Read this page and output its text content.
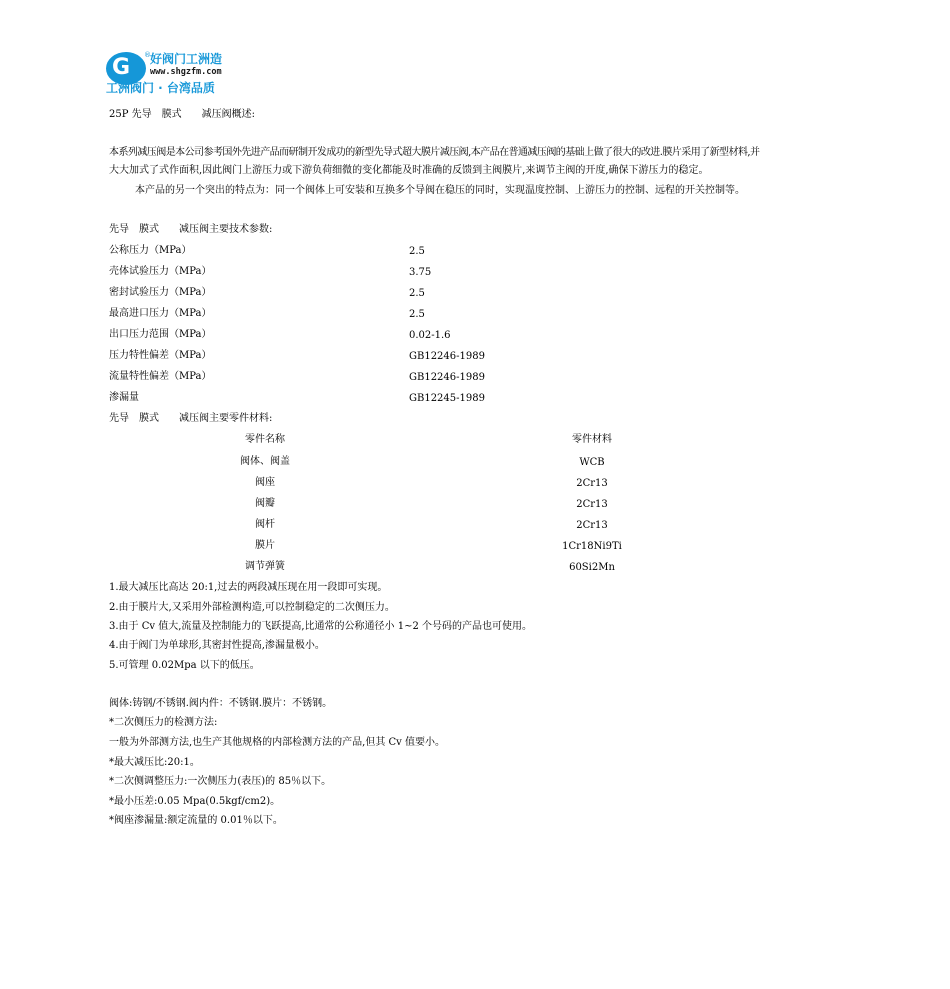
G ® 好阀门工洲造
www.shgzfm.com
工洲阀门 · 台湾品质
25P 先导　膜式　　减压阀概述:
本系列减压阀是本公司参考国外先进产品而研制开发成功的新型先导式超大膜片减压阀,本产品在普通减压阀的基础上做了很大的改进.膜片采用了新型材料,并
大大加式了式作面积,因此阀门上游压力或下游负荷细微的变化都能及时准确的反馈到主阀膜片,来调节主阀的开度,确保下游压力的稳定。
本产品的另一个突出的特点为：同一个阀体上可安装和互换多个导阀在稳压的同时，实现温度控制、上游压力的控制、远程的开关控制等。
先导　膜式　　减压阀主要技术参数:
公称压力（MPa）	2.5
壳体试验压力（MPa）	3.75
密封试验压力（MPa）	2.5
最高进口压力（MPa）	2.5
出口压力范围（MPa）	0.02-1.6
压力特性偏差（MPa）	GB12246-1989
流量特性偏差（MPa）	GB12246-1989
渗漏量	GB12245-1989
先导　膜式　　减压阀主要零件材料:
零件名称	零件材料
阀体、阀盖	WCB
阀座	2Cr13
阀瓣	2Cr13
阀杆	2Cr13
膜片	1Cr18Ni9Ti
调节弹簧	60Si2Mn
1.最大减压比高达 20:1,过去的两段减压现在用一段即可实现。
2.由于膜片大,又采用外部检测构造,可以控制稳定的二次侧压力。
3.由于 Cv 值大,流量及控制能力的飞跃提高,比通常的公称通径小 1~2 个号码的产品也可使用。
4.由于阀门为单球形,其密封性提高,渗漏量极小。
5.可管理 0.02Mpa 以下的低压。
阀体:铸钢/不锈钢.阀内件：不锈钢.膜片：不锈钢。
*二次侧压力的检测方法:
一般为外部测方法,也生产其他规格的内部检测方法的产品,但其 Cv 值要小。
*最大减压比:20:1。
*二次侧调整压力:一次侧压力(表压)的 85％以下。
*最小压差:0.05 Mpa(0.5kgf/cm2)。
*阀座渗漏量:额定流量的 0.01％以下。
